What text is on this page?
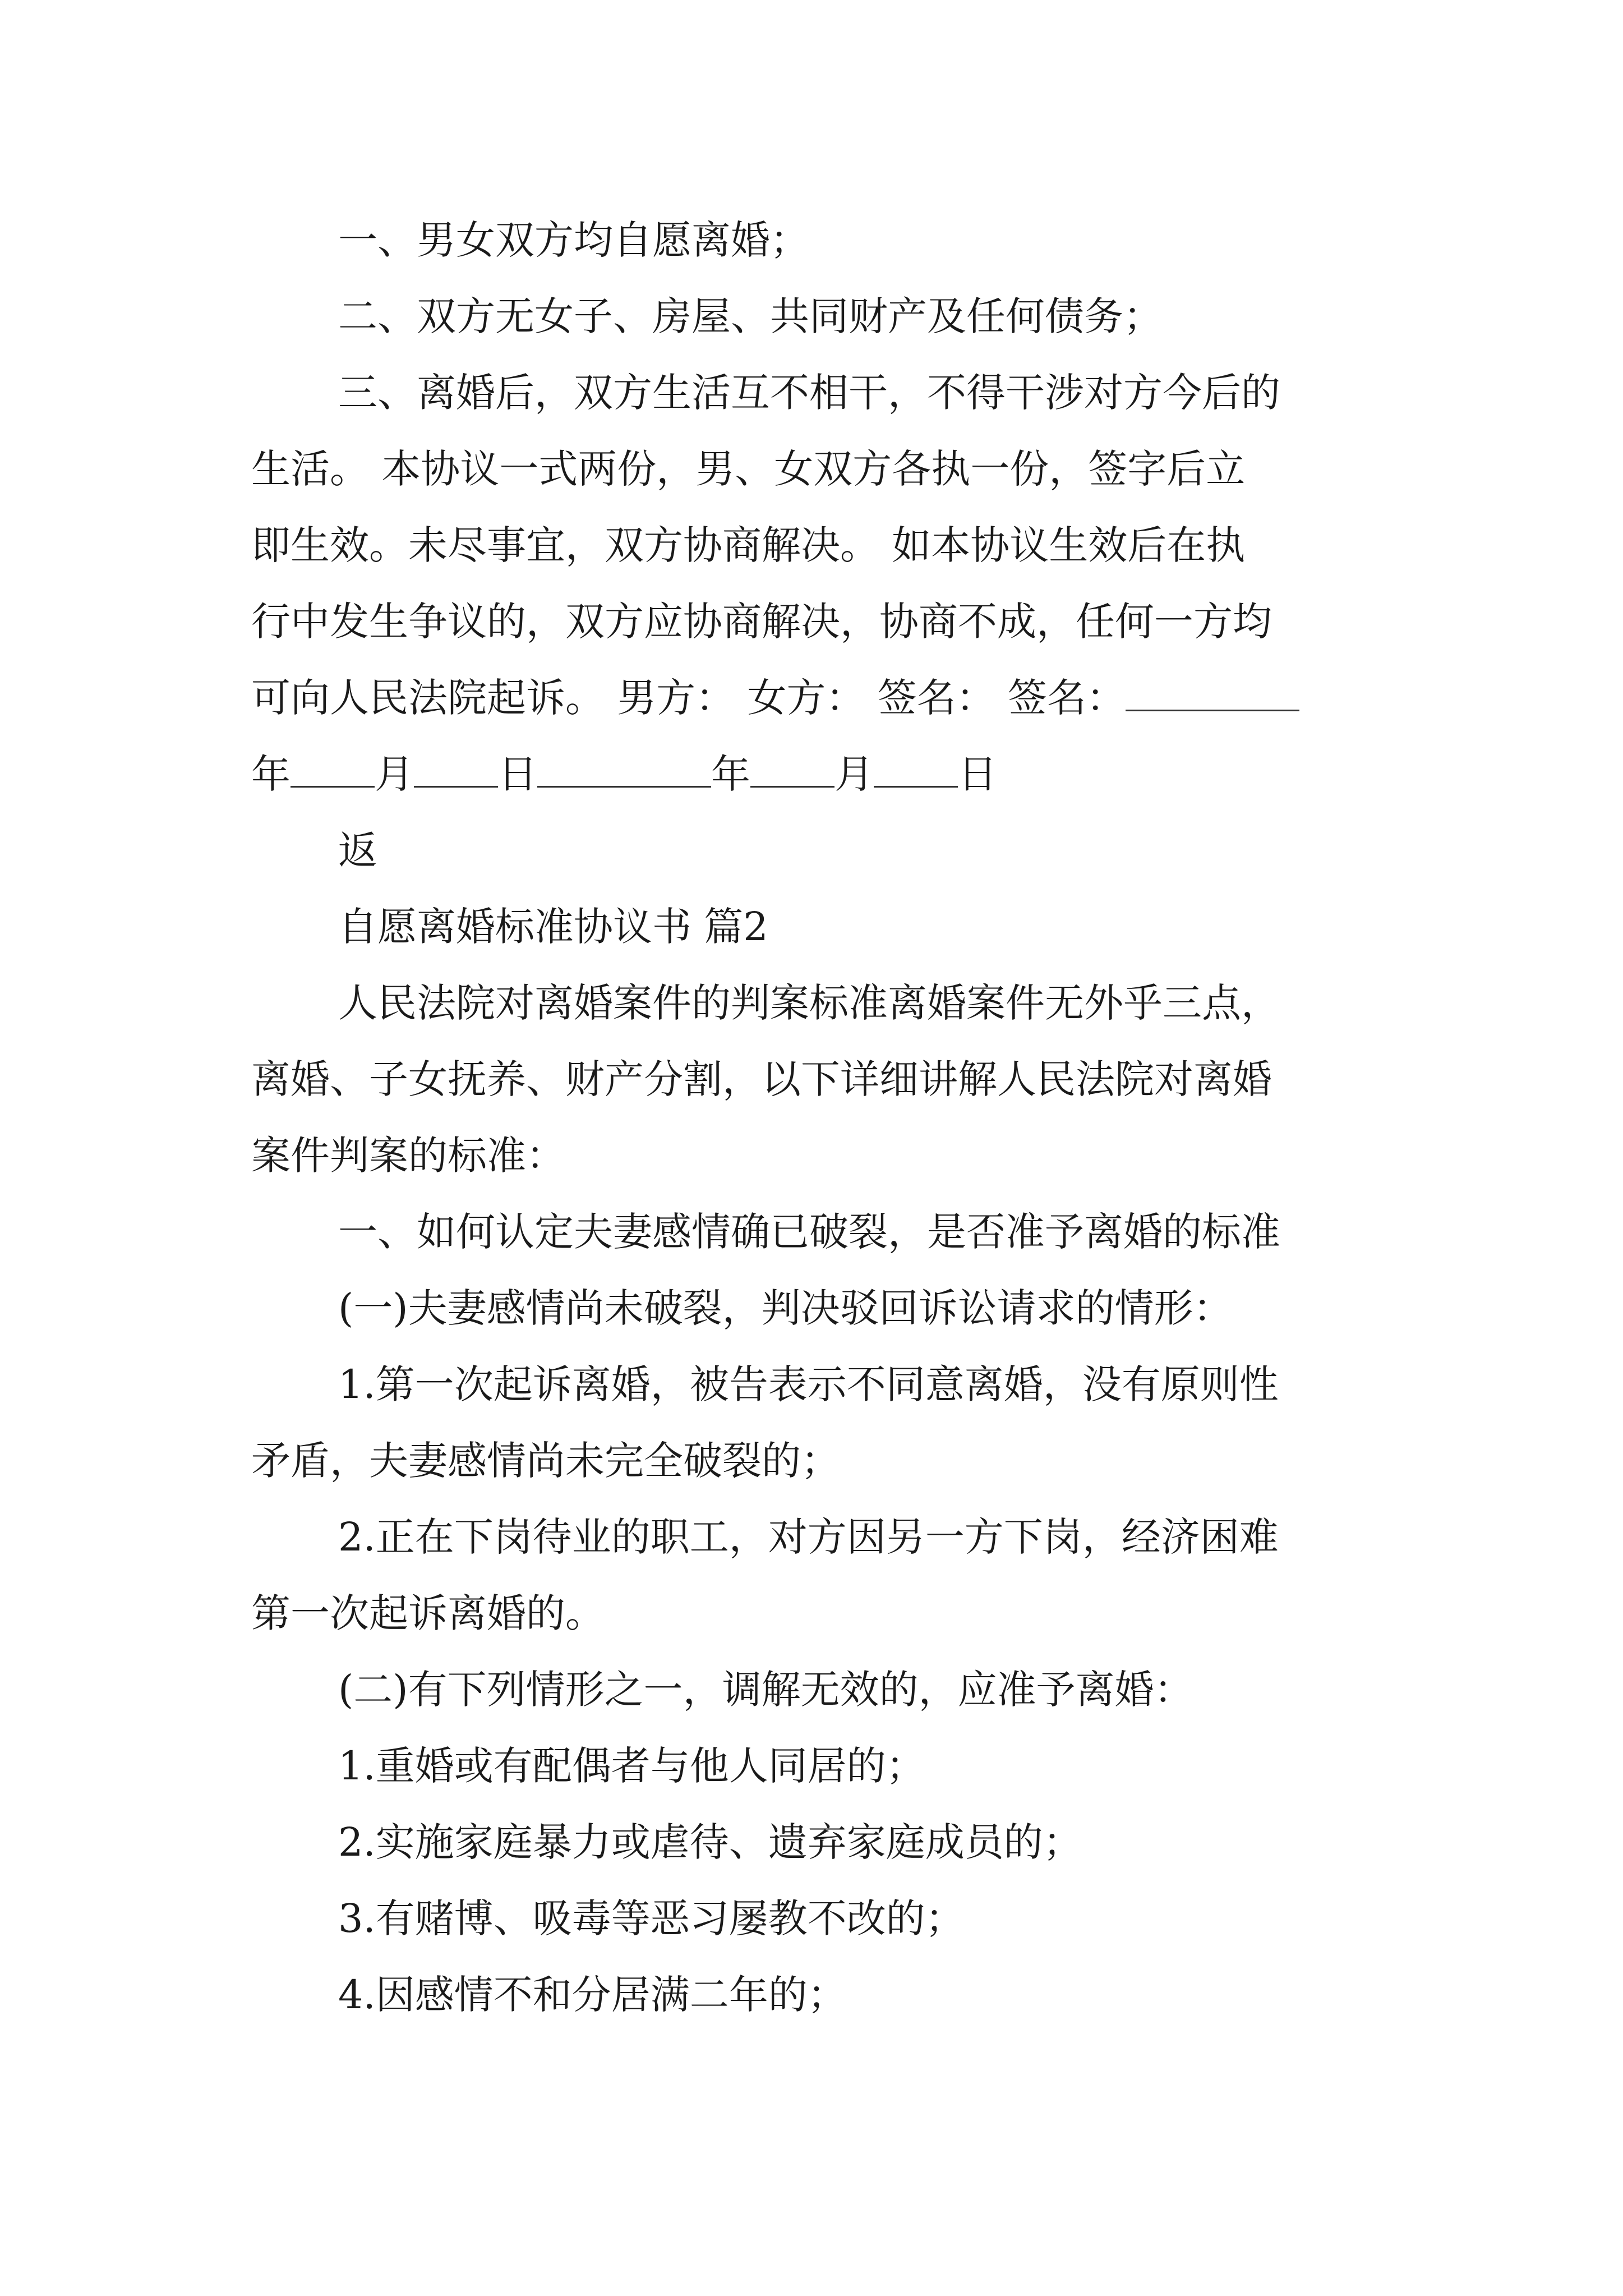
一、男女双方均自愿离婚；

二、双方无女子、房屋、共同财产及任何债务；

三、离婚后，双方生活互不相干，不得干涉对方今后的

生活。 本协议一式两份，男、女双方各执一份，签字后立

即生效。未尽事宜，双方协商解决。 如本协议生效后在执

行中发生争议的，双方应协商解决，协商不成，任何一方均

可向人民法院起诉。 男方： 女方： 签名： 签名：

年 月 日	年 月 日

返

自愿离婚标准协议书 篇2

人民法院对离婚案件的判案标准离婚案件无外乎三点，

离婚、子女抚养、财产分割，以下详细讲解人民法院对离婚

案件判案的标准：

一、如何认定夫妻感情确已破裂，是否准予离婚的标准

(一)夫妻感情尚未破裂，判决驳回诉讼请求的情形：

1.第一次起诉离婚，被告表示不同意离婚，没有原则性

矛盾，夫妻感情尚未完全破裂的；

2.正在下岗待业的职工，对方因另一方下岗，经济困难

第一次起诉离婚的。

(二)有下列情形之一，调解无效的，应准予离婚：

1.重婚或有配偶者与他人同居的；

2.实施家庭暴力或虐待、遗弃家庭成员的；

3.有赌博、吸毒等恶习屡教不改的；

4.因感情不和分居满二年的；
